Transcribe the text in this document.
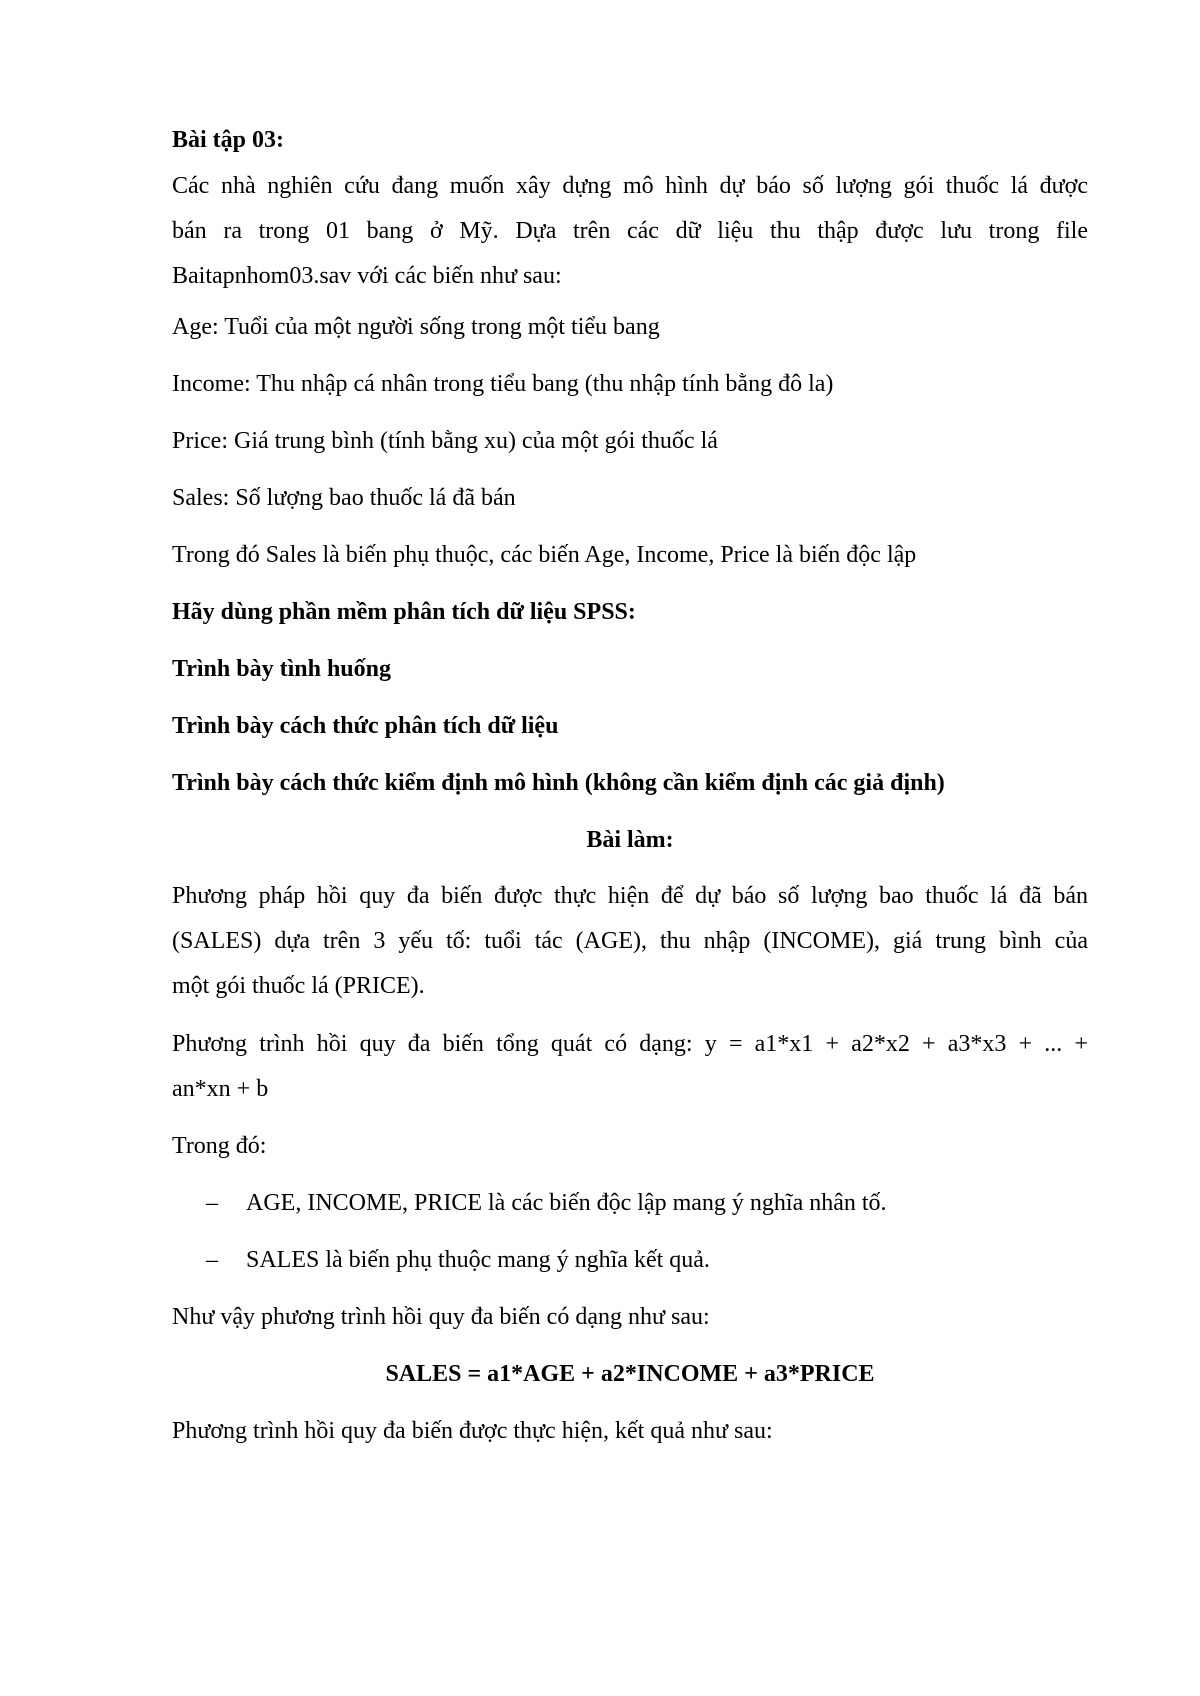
Bài tập 03:

Các nhà nghiên cứu đang muốn xây dựng mô hình dự báo số lượng gói thuốc lá được
bán ra trong 01 bang ở Mỹ. Dựa trên các dữ liệu thu thập được lưu trong file
Baitapnhom03.sav với các biến như sau:

Age: Tuổi của một người sống trong một tiểu bang

Income: Thu nhập cá nhân trong tiểu bang (thu nhập tính bằng đô la)

Price: Giá trung bình (tính bằng xu) của một gói thuốc lá

Sales: Số lượng bao thuốc lá đã bán

Trong đó Sales là biến phụ thuộc, các biến Age, Income, Price là biến độc lập

Hãy dùng phần mềm phân tích dữ liệu SPSS:

Trình bày tình huống

Trình bày cách thức phân tích dữ liệu

Trình bày cách thức kiểm định mô hình (không cần kiểm định các giả định)

Bài làm:

Phương pháp hồi quy đa biến được thực hiện để dự báo số lượng bao thuốc lá đã bán
(SALES) dựa trên 3 yếu tố: tuổi tác (AGE), thu nhập (INCOME), giá trung bình của
một gói thuốc lá (PRICE).
Phương trình hồi quy đa biến tổng quát có dạng: y = a1*x1 + a2*x2 + a3*x3 + ... +
an*xn + b

Trong đó:

– AGE, INCOME, PRICE là các biến độc lập mang ý nghĩa nhân tố.
– SALES là biến phụ thuộc mang ý nghĩa kết quả.

Như vậy phương trình hồi quy đa biến có dạng như sau:

SALES = a1*AGE + a2*INCOME + a3*PRICE

Phương trình hồi quy đa biến được thực hiện, kết quả như sau:
